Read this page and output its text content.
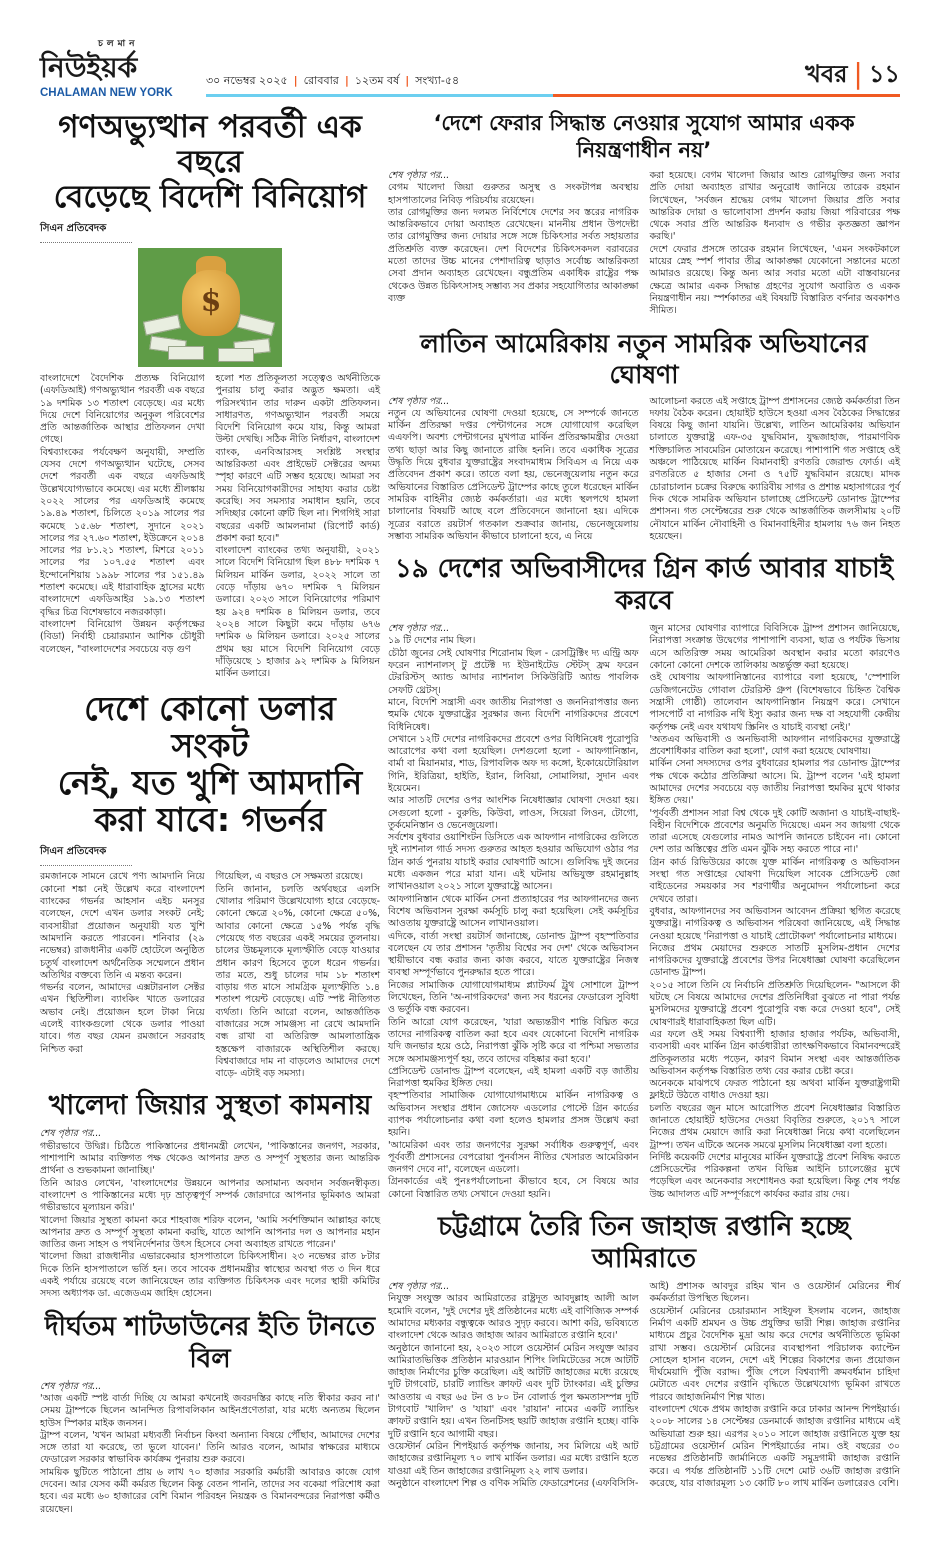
চলমান
নিউইয়র্ক
CHALAMAN NEW YORK
৩০ নভেম্বর ২০২৫ | রোববার | ১২তম বর্ষ | সংখ্যা-৫৪	খবর | ১১
গণঅভ্যুত্থান পরবর্তী এক বছরে
বেড়েছে বিদেশি বিনিয়োগ
সিএন প্রতিবেদক
$

বাংলাদেশে বৈদেশিক প্রত্যক্ষ বিনিয়োগ (এফডিআই) গণঅভ্যুত্থান পরবর্তী এক বছরে ১৯ দশমিক ১৩ শতাংশ বেড়েছে। এর মধ্যে দিয়ে দেশে বিনিয়োগের অনুকূল পরিবেশের প্রতি আন্তর্জাতিক আস্থার প্রতিফলন দেখা গেছে।

বিশ্বব্যাংকের পর্যবেক্ষণ অনুযায়ী, সম্প্রতি যেসব দেশে গণঅভ্যুত্থান ঘটেছে, সেসব দেশে পরবর্তী এক বছরে এফডিআই উল্লেখযোগ্যভাবে কমেছে। এর মধ্যে শ্রীলঙ্কায় ২০২২ সালের পর এফডিআই কমেছে ১৯.৪৯ শতাংশ, চিলিতে ২০১৯ সালের পর কমেছে ১৫.৬৮ শতাংশ, সুদানে ২০২১ সালের পর ২৭.৬০ শতাংশ, ইউক্রেনে ২০১৪ সালের পর ৮১.২১ শতাংশ, মিশরে ২০১১ সালের পর ১০৭.৫৫ শতাংশ এবং ইন্দোনেশিয়ায় ১৯৯৮ সালের পর ১৫১.৪৯ শতাংশ কমেছে। এই ধারাবাহিক হ্রাসের মধ্যে বাংলাদেশে এফডিআইর ১৯.১৩ শতাংশ বৃদ্ধির চিত্র বিশেষভাবে নজরকাড়া।

বাংলাদেশ বিনিয়োগ উন্নয়ন কর্তৃপক্ষের (বিডা) নির্বাহী চেয়ারম্যান আশিক চৌধুরী বলেছেন, "বাংলাদেশের সবচেয়ে বড় গুণ

হলো শত প্রতিকূলতা সত্ত্বেও অর্থনীতিকে পুনরায় চালু করার অদ্ভুত ক্ষমতা। এই পরিসংখ্যান তার দারুন একটা প্রতিফলন। সাধারণত, গণঅভ্যুত্থান পরবর্তী সময়ে বিদেশি বিনিয়োগ কমে যায়, কিন্তু আমরা উল্টা দেখছি। সঠিক নীতি নির্ধারণ, বাংলাদেশ ব্যাংক, এনবিআরসহ সংশ্লিষ্ট সংস্থার আন্তরিকতা এবং প্রাইভেট সেক্টরের অদম্য স্পৃহা কারণে এটি সম্ভব হয়েছে। আমরা সব সময় বিনিয়োগকারীদের সাহায্য করার চেষ্টা করেছি। সব সমস্যার সমাধান হয়নি, তবে সদিচ্ছার কোনো ত্রুটি ছিল না। শিগগিই সারা বছরের একটি আমলনামা (রিপোর্ট কার্ড) প্রকাশ করা হবে।"

বাংলাদেশ ব্যাংকের তথ্য অনুযায়ী, ২০২১ সালে বিদেশি বিনিয়োগ ছিল ৪৮৮ দশমিক ৭ মিলিয়ন মার্কিন ডলার, ২০২২ সালে তা বেড়ে দাঁড়ায় ৬৭০ দশমিক ৭ মিলিয়ন ডলারে। ২০২৩ সালে বিনিয়োগের পরিমাণ হয় ৯২৪ দশমিক ৪ মিলিয়ন ডলার, তবে ২০২৪ সালে কিছুটা কমে দাঁড়ায় ৬৭৬ দশমিক ৬ মিলিয়ন ডলারে। ২০২৫ সালের প্রথম ছয় মাসে বিদেশি বিনিয়োগ বেড়ে দাঁড়িয়েছে ১ হাজার ৯২ দশমিক ৯ মিলিয়ন মার্কিন ডলারে।

দেশে কোনো ডলার সংকট
নেই, যত খুশি আমদানি
করা যাবে: গভর্নর
সিএন প্রতিবেদক

রমজানকে সামনে রেখে পণ্য আমদানি নিয়ে কোনো শঙ্কা নেই উল্লেখ করে বাংলাদেশ ব্যাংকের গভর্নর আহসান এইচ মনসুর বলেছেন, দেশে এখন ডলার সংকট নেই; ব্যবসায়ীরা প্রয়োজন অনুযায়ী যত খুশি আমদানি করতে পারবেন। শনিবার (২৯ নভেম্বর) রাজধানীর একটি হোটেলে অনুষ্ঠিত চতুর্থ বাংলাদেশ অর্থনৈতিক সম্মেলনে প্রধান অতিথির বক্তব্যে তিনি এ মন্তব্য করেন।

গভর্নর বলেন, আমাদের এক্সটারনাল সেক্টর এখন স্থিতিশীল। ব্যাংকিং খাতে ডলারের অভাব নেই। প্রয়োজন হলে টাকা নিয়ে এলেই ব্যাংকগুলো থেকে ডলার পাওয়া যাবে। গত বছর যেমন রমজানে সরবরাহ নিশ্চিত করা

গিয়েছিল, এ বছরও সে সক্ষমতা রয়েছে।

তিনি জানান, চলতি অর্থবছরে এলসি খোলার পরিমাণ উল্লেখযোগ্য হারে বেড়েছে- কোনো ক্ষেত্রে ২০%, কোনো ক্ষেত্রে ৫০%, আবার কোনো ক্ষেত্রে ১৫% পর্যন্ত বৃদ্ধি পেয়েছে গত বছরের একই সময়ের তুলনায়। চালের উচ্চমূল্যকে মূল্যস্ফীতি বেড়ে যাওয়ার প্রধান কারণ হিসেবে তুলে ধরেন গভর্নর। তার মতে, শুধু চালের দাম ১৮ শতাংশ বাড়ায় গত মাসে সামগ্রিক মূল্যস্ফীতি ১.৪ শতাংশ পয়েন্ট বেড়েছে। এটি স্পষ্ট নীতিগত ব্যর্থতা। তিনি আরো বলেন, আন্তর্জাতিক বাজারের সঙ্গে সামঞ্জস্য না রেখে আমদানি বন্ধ রাখা বা অতিরিক্ত আমলাতান্ত্রিক হস্তক্ষেপ বাজারকে অস্থিতিশীল করছে। বিশ্ববাজারে দাম না বাড়লেও আমাদের দেশে বাড়ে- এটাই বড় সমস্যা।

খালেদা জিয়ার সুস্থতা কামনায়
শেষ পৃষ্ঠার পর...

গভীরভাবে উদ্বিগ্ন। চিঠিতে পাকিস্তানের প্রধানমন্ত্রী লেখেন, 'পাকিস্তানের জনগণ, সরকার, পাশাপাশি আমার ব্যক্তিগত পক্ষ থেকেও আপনার দ্রুত ও সম্পূর্ণ সুস্থতার জন্য আন্তরিক প্রার্থনা ও শুভকামনা জানাচ্ছি।'

তিনি আরও লেখেন, 'বাংলাদেশের উন্নয়নে আপনার অসামান্য অবদান সর্বজনস্বীকৃত। বাংলাদেশ ও পাকিস্তানের মধ্যে দৃঢ় ভ্রাতৃত্বপূর্ণ সম্পর্ক জোরদারে আপনার ভূমিকাও আমরা গভীরভাবে মূল্যায়ন করি।'

খালেদা জিয়ার সুস্থতা কামনা করে শাহবাজ শরিফ বলেন, 'আমি সর্বশক্তিমান আল্লাহর কাছে আপনার দ্রুত ও সম্পূর্ণ সুস্থতা কামনা করছি, যাতে আপনি আপনার দল ও আপনার মহান জাতির জন্য সাহস ও পথনির্দেশনার উৎস হিসেবে সেবা অব্যাহত রাখতে পারেন।'

খালেদা জিয়া রাজধানীর এভারকেয়ার হাসপাতালে চিকিৎসাধীন। ২৩ নভেম্বর রাত ৮টার দিকে তিনি হাসপাতালে ভর্তি হন। তবে সাবেক প্রধানমন্ত্রীর স্বাস্থ্যের অবস্থা গত ৩ দিন ধরে একই পর্যায়ে রয়েছে বলে জানিয়েছেন তার ব্যক্তিগত চিকিৎসক এবং দলের স্থায়ী কমিটির সদস্য অধ্যাপক ডা. এজেডএম জাহিদ হোসেন।

দীর্ঘতম শাটডাউনের ইতি টানতে বিল
শেষ পৃষ্ঠার পর...

'আজ একটি স্পষ্ট বার্তা দিচ্ছি যে আমরা কখনোই জবরদস্তির কাছে নতি স্বীকার করব না।' সেময় ট্রাম্পকে ছিলেন আনন্দিত রিপাবলিকান আইনপ্রণেতারা, যার মধ্যে অন্যতম ছিলেন হাউস স্পিকার মাইক জনসন।

ট্রাম্প বলেন, 'যখন আমরা মধ্যবর্তী নির্বাচন কিংবা অন্যান্য বিষয়ে পৌঁছাব, আমাদের দেশের সঙ্গে তারা যা করেছে, তা ভুলে যাবেন।' তিনি আরও বলেন, আমার স্বাক্ষরের মাধ্যমে ফেডারেল সরকার স্বাভাবিক কার্যক্রম পুনরায় শুরু করবে।

সাময়িক ছুটিতে পাঠানো প্রায় ৬ লাখ ৭০ হাজার সরকারি কর্মচারী আবারও কাজে যোগ দেবেন। আর যেসব কর্মী কর্মরত ছিলেন কিন্তু বেতন পাননি, তাদের সব বকেয়া পরিশোধ করা হবে। এর মধ্যে ৬০ হাজারের বেশি বিমান পরিবহন নিয়ন্ত্রক ও বিমানবন্দরের নিরাপত্তা কর্মীও রয়েছেন।

‘দেশে ফেরার সিদ্ধান্ত নেওয়ার সুযোগ আমার একক নিয়ন্ত্রণাধীন নয়’
শেষ পৃষ্ঠার পর...

বেগম খালেদা জিয়া গুরুতর অসুস্থ ও সংকটাপন্ন অবস্থায় হাসপাতালের নিবিড় পরিচর্যায় রয়েছেন।

তার রোগমুক্তির জন্য দলমত নির্বিশেষে দেশের সব স্তরের নাগরিক আন্তরিকভাবে দোয়া অব্যাহত রেখেছেন। মাননীয় প্রধান উপদেষ্টা তার রোগমুক্তির জন্য দোয়ার সঙ্গে সঙ্গে চিকিৎসার সর্বত সহায়তার প্রতিশ্রুতি ব্যক্ত করেছেন। দেশ বিদেশের চিকিৎসকদল বরাবরের মতো তাদের উচ্চ মানের পেশাদারিত্ব ছাড়াও সর্বোচ্চ আন্তরিকতা সেবা প্রদান অব্যাহত রেখেছেন। বন্ধুপ্রতিম একাধিক রাষ্ট্রের পক্ষ থেকেও উন্নত চিকিৎসাসহ সম্ভাব্য সব প্রকার সহযোগিতার আকাঙ্ক্ষা ব্যক্ত

করা হয়েছে। বেগম খালেদা জিয়ার আশু রোগমুক্তির জন্য সবার প্রতি দোয়া অব্যাহত রাখার অনুরোধ জানিয়ে তারেক রহমান লিখেছেন, 'সর্বজন শ্রদ্ধেয় বেগম খালেদা জিয়ার প্রতি সবার আন্তরিক দোয়া ও ভালোবাসা প্রদর্শন করায় জিয়া পরিবারের পক্ষ থেকে সবার প্রতি আন্তরিক ধন্যবাদ ও গভীর কৃতজ্ঞতা জ্ঞাপন করছি।'

দেশে ফেরার প্রসঙ্গে তারেক রহমান লিখেছেন, 'এমন সংকটকালে মায়ের স্নেহ স্পর্শ পাবার তীব্র আকাঙ্ক্ষা যেকোনো সন্তানের মতো আমারও রয়েছে। কিন্তু অন্য আর সবার মতো এটা বাস্তবায়নের ক্ষেত্রে আমার একক সিদ্ধান্ত গ্রহণের সুযোগ অবারিত ও একক নিয়ন্ত্রণাধীন নয়। স্পর্শকাতর এই বিষয়টি বিস্তারিত বর্ণনার অবকাশও সীমিত।

লাতিন আমেরিকায় নতুন সামরিক অভিযানের ঘোষণা
শেষ পৃষ্ঠার পর...

নতুন যে অভিযানের ঘোষণা দেওয়া হয়েছে, সে সম্পর্কে জানতে মার্কিন প্রতিরক্ষা দপ্তর পেন্টাগনের সঙ্গে যোগাযোগ করেছিল এএফপি। অবশ্য পেন্টাগনের মুখপাত্র মার্কিন প্রতিরক্ষামন্ত্রীর দেওয়া তথ্য ছাড়া আর কিছু জানাতে রাজি হননি। তবে একাধিক সূত্রের উদ্ধৃতি দিয়ে বুধবার যুক্তরাষ্ট্রের সংবাদমাধ্যম সিবিএস এ নিয়ে এক প্রতিবেদন প্রকাশ করে। তাতে বলা হয়, ভেনেজুয়েলায় নতুন করে অভিযানের বিস্তারিত প্রেসিডেন্ট ট্রাম্পের কাছে তুলে ধরেছেন মার্কিন সামরিক বাহিনীর জ্যেষ্ঠ কর্মকর্তারা। এর মধ্যে স্থলপথে হামলা চালানোর বিষয়টি আছে বলে প্রতিবেদনে জানানো হয়। এদিকে সূত্রের বরাতে রয়টার্স গতকাল শুক্রবার জানায়, ভেনেজুয়েলায় সম্ভাব্য সামরিক অভিযান কীভাবে চালানো হবে, এ নিয়ে

আলোচনা করতে এই সপ্তাহে ট্রাম্প প্রশাসনের জ্যেষ্ঠ কর্মকর্তারা তিন দফায় বৈঠক করেন। হোয়াইট হাউসে হওয়া এসব বৈঠকের সিদ্ধান্তের বিষয়ে কিছু জানা যায়নি। উল্লেখ্য, লাতিন আমেরিকায় অভিযান চালাতে যুক্তরাষ্ট্র এফ-৩৫ যুদ্ধবিমান, যুদ্ধজাহাজ, পারমাণবিক শক্তিচালিত সাবমেরিন মোতায়েন করেছে। পাশাপাশি গত সপ্তাহে ওই অঞ্চলে পাঠিয়েছে মার্কিন বিমানবাহী রণতরি জেরাল্ড ফোর্ড। এই রণতরিতে ৫ হাজার সেনা ও ৭৫টি যুদ্ধবিমান রয়েছে। মাদক চোরাচালান চক্রের বিরুদ্ধে ক্যারিবীয় সাগর ও প্রশান্ত মহাসাগরের পূর্ব দিক থেকে সামরিক অভিযান চালাচ্ছে প্রেসিডেন্ট ডোনাল্ড ট্রাম্পের প্রশাসন। গত সেপ্টেম্বরের শুরু থেকে আন্তর্জাতিক জলসীমায় ২০টি নৌযানে মার্কিন নৌবাহিনী ও বিমানবাহিনীর হামলায় ৭৬ জন নিহত হয়েছেন।

১৯ দেশের অভিবাসীদের গ্রিন কার্ড আবার যাচাই করবে
শেষ পৃষ্ঠার পর...

১৯ টি দেশের নাম ছিল।

চৌঠা জুনের সেই ঘোষণার শিরোনাম ছিল - রেসট্রিক্টিং দ্য এন্ট্রি অফ ফরেন ন্যাশনালস্ টু প্রটেক্ট দ্য ইউনাইটেড স্টেটস্ ফ্রম ফরেন টেররিস্টস্ অ্যান্ড আদার ন্যাশনাল সিকিউরিটি অ্যান্ড পাবলিক সেফটি থ্রেটস্।

মানে, বিদেশি সন্ত্রাসী এবং জাতীয় নিরাপত্তা ও জননিরাপত্তার জন্য হুমকি থেকে যুক্তরাষ্ট্রের সুরক্ষার জন্য বিদেশি নাগরিকদের প্রবেশে বিধিনিষেধ।

সেখানে ১২টি দেশের নাগরিকদের প্রবেশে ওপর বিধিনিষেধ পুরোপুরি আরোপের কথা বলা হয়েছিল। দেশগুলো হলো - আফগানিস্তান, বার্মা বা মিয়ানমার, শাড, রিপাবলিক অফ দ্য কঙ্গো, ইকোয়েটোরিয়াল গিনি, ইরিত্রিয়া, হাইতি, ইরান, লিবিয়া, সোমালিয়া, সুদান এবং ইয়েমেন।

আর সাতটি দেশের ওপর আংশিক নিষেধাজ্ঞার ঘোষণা দেওয়া হয়। সেগুলো হলো - বুরুন্ডি, কিউবা, লাওস, সিয়েরা লিওন, টোগো, তুর্কমেনিস্তান ও ভেনেজুয়েলা।

সর্বশেষ বুধবার ওয়াশিংটন ডিসিতে এক আফগান নাগরিকের গুলিতে দুই ন্যাশনাল গার্ড সদস্য গুরুতর আহত হওয়ার অভিযোগ ওঠার পর গ্রিন কার্ড পুনরায় যাচাই করার ঘোষণাটি আসে। গুলিবিদ্ধ দুই জনের মধ্যে একজন পরে মারা যান। এই ঘটনায় অভিযুক্ত রহমানুল্লাহ লাখানওয়াল ২০২১ সালে যুক্তরাষ্ট্রে আসেন।

আফগানিস্তান থেকে মার্কিন সেনা প্রত্যাহারের পর আফগানদের জন্য বিশেষ অভিবাসন সুরক্ষা কর্মসূচি চালু করা হয়েছিল। সেই কর্মসূচির আওতায় যুক্তরাষ্ট্রে আসেন লাখানওয়াল।

এদিকে, বার্তা সংস্থা রয়টার্স জানাচ্ছে, ডোনাল্ড ট্রাম্প বৃহস্পতিবার বলেছেন যে তার প্রশাসন 'তৃতীয় বিশ্বের সব দেশ' থেকে অভিবাসন স্থায়ীভাবে বন্ধ করার জন্য কাজ করবে, যাতে যুক্তরাষ্ট্রের নিজস্ব ব্যবস্থা সম্পূর্ণভাবে পুনরুদ্ধার হতে পারে।

নিজের সামাজিক যোগাযোগমাধ্যম প্ল্যাটফর্ম ট্রুথ সোশালে ট্রাম্প লিখেছেন, তিনি 'অ-নাগরিকদের' জন্য সব ধরনের ফেডারেল সুবিধা ও ভর্তুকি বন্ধ করবেন।

তিনি আরো যোগ করেছেন, 'যারা অভ্যন্তরীণ শান্তি বিঘ্নিত করে তাদের নাগরিকত্ব বাতিল করা হবে এবং যেকোনো বিদেশি নাগরিক যদি জনভার হয়ে ওঠে, নিরাপত্তা ঝুঁকি সৃষ্টি করে বা পশ্চিমা সভ্যতার সঙ্গে অসামঞ্জস্যপূর্ণ হয়, তবে তাদের বহিষ্কার করা হবে।'

প্রেসিডেন্ট ডোনাল্ড ট্রাম্প বলেছেন, এই হামলা একটি বড় জাতীয় নিরাপত্তা হুমকির ইঙ্গিত দেয়।

বৃহস্পতিবার সামাজিক যোগাযোগমাধ্যমে মার্কিন নাগরিকত্ব ও অভিবাসন সংস্থার প্রধান জোসেফ এডলোর পোস্টে গ্রিন কার্ডের ব্যাপক পর্যালোচনার কথা বলা হলেও হামলার প্রসঙ্গ উল্লেখ করা হয়নি।

'আমেরিকা এবং তার জনগণের সুরক্ষা সর্বাধিক গুরুত্বপূর্ণ, এবং পূর্ববর্তী প্রশাসনের বেপরোয়া পুনর্বাসন নীতির খেসারত আমেরিকান জনগণ দেবে না', বলেছেন এডলো।

গ্রিনকার্ডের এই পুনঃপর্যালোচনা কীভাবে হবে, সে বিষয়ে আর কোনো বিস্তারিত তথ্য সেখানে দেওয়া হয়নি।

জুন মাসের ঘোষণার ব্যাপারে বিবিসিকে ট্রাম্প প্রশাসন জানিয়েছে, নিরাপত্তা সংক্রান্ত উদ্বেগের পাশাপাশি ব্যবসা, ছাত্র ও পর্যটক ভিসায় এসে অতিরিক্ত সময় আমেরিকা অবস্থান করার মতো কারণেও কোনো কোনো দেশকে তালিকায় অন্তর্ভুক্ত করা হয়েছে।

ওই ঘোষণায় আফগানিস্তানের ব্যাপারে বলা হয়েছে, 'স্পেশালি ডেজিগনেটেড গোবাল টেররিস্ট গ্রুপ (বিশেষভাবে চিহ্নিত বৈশ্বিক সন্ত্রাসী গোষ্ঠী) তালেবান আফগানিস্তান নিয়ন্ত্রণ করে। সেখানে পাসপোর্ট বা নাগরিক নথি ইস্যু করার জন্য দক্ষ বা সহযোগী কেন্দ্রীয় কর্তৃপক্ষ নেই এবং যথাযথ স্ক্রিনিং ও যাচাই ব্যবস্থা নেই।'

'অতএব অভিবাসী ও অনভিবাসী আফগান নাগরিকদের যুক্তরাষ্ট্রে প্রবেশাধিকার বাতিল করা হলো', যোগ করা হয়েছে ঘোষণায়।

মার্কিন সেনা সদস্যদের ওপর বুধবারের হামলার পর ডোনাল্ড ট্রাম্পের পক্ষ থেকে কঠোর প্রতিক্রিয়া আসে। মি. ট্রাম্প বলেন 'এই হামলা আমাদের দেশের সবচেয়ে বড় জাতীয় নিরাপত্তা হুমকির মুখে থাকার ইঙ্গিত দেয়।'

'পূর্ববর্তী প্রশাসন সারা বিশ্ব থেকে দুই কোটি অজানা ও যাচাই-বাছাই-বিহীন বিদেশিকে প্রবেশের অনুমতি দিয়েছে। এমন সব জায়গা থেকে তারা এসেছে যেগুলোর নামও আপনি জানতে চাইবেন না। কোনো দেশ তার অস্তিত্বের প্রতি এমন ঝুঁকি সহ্য করতে পারে না।'

গ্রিন কার্ড রিভিউয়ের কাজে যুক্ত মার্কিন নাগরিকত্ব ও অভিবাসন সংস্থা গত সপ্তাহের ঘোষণা দিয়েছিল সাবেক প্রেসিডেন্ট জো বাইডেনের সময়কার সব শরণার্থীর অনুমোদন পর্যালোচনা করে দেখবে তারা।

বুধবার, আফগানদের সব অভিবাসন আবেদন প্রক্রিয়া স্থগিত করেছে যুক্তরাষ্ট্র। নাগরিকত্ব ও অভিবাসন পরিষেবা জানিয়েছে, এই সিদ্ধান্ত নেওয়া হয়েছে 'নিরাপত্তা ও যাচাই প্রোটোকল' পর্যালোচনার মাধ্যমে।

নিজের প্রথম মেয়াদের শুরুতে সাতটি মুসলিম-প্রধান দেশের নাগরিকদের যুক্তরাষ্ট্রে প্রবেশের উপর নিষেধাজ্ঞা ঘোষণা করেছিলেন ডোনাল্ড ট্রাম্প।

২০১৫ সালে তিনি যে নির্বাচনি প্রতিশ্রুতি দিয়েছিলেন- "আসলে কী ঘটছে সে বিষয়ে আমাদের দেশের প্রতিনিধিরা বুঝতে না পারা পর্যন্ত মুসলিমদের যুক্তরাষ্ট্রে প্রবেশ পুরোপুরি বন্ধ করে দেওয়া হবে", সেই ঘোষণারই ধারাবাহিকতা ছিল এটি।

এর ফলে ওই সময় বিশ্বব্যাপী হাজার হাজার পর্যটক, অভিবাসী, ব্যবসায়ী এবং মার্কিন গ্রিন কার্ডধারীরা তাৎক্ষণিকভাবে বিমানবন্দরেই প্রতিকূলতার মধ্যে পড়েন, কারণ বিমান সংস্থা এবং আন্তর্জাতিক অভিবাসন কর্তৃপক্ষ বিস্তারিত তথ্য বের করার চেষ্টা করে।

অনেককে মাঝপথে ফেরত পাঠানো হয় অথবা মার্কিন যুক্তরাষ্ট্রগামী ফ্লাইটে উঠতে বাধাও দেওয়া হয়।

চলতি বছরের জুন মাসে আরোপিত প্রবেশ নিষেধাজ্ঞার বিস্তারিত জানাতে হোয়াইট হাউসের দেওয়া বিবৃতির শুরুতে, ২০১৭ সালে নিজের প্রথম মেয়াদে জারি করা নিষেধাজ্ঞা নিয়ে কথা বলেছিলেন ট্রাম্প। তখন এটিকে অনেক সমঝে মুসলিম নিষেধাজ্ঞা বলা হতো।

নির্দিষ্ট কয়েকটি দেশের মানুষের মার্কিন যুক্তরাষ্ট্রে প্রবেশ নিষিদ্ধ করতে প্রেসিডেন্টের পরিকল্পনা তখন বিভিন্ন আইনি চ্যালেঞ্জের মুখে পড়েছিল এবং অনেকবার সংশোধনও করা হয়েছিল। কিন্তু শেষ পর্যন্ত উচ্চ আদালত এটি সম্পূর্ণরূপে কার্যকর করার রায় দেয়।

চট্টগ্রামে তৈরি তিন জাহাজ রপ্তানি হচ্ছে আমিরাতে
শেষ পৃষ্ঠার পর...

নিযুক্ত সংযুক্ত আরব আমিরাতের রাষ্ট্রদূত আবদুল্লাহ আলী আল হমোদি বলেন, 'দুই দেশের দুই প্রতিষ্ঠানের মধ্যে এই বাণিজ্যিক সম্পর্ক আমাদের মধ্যকার বন্ধুত্বকে আরও সুদৃঢ় করবে। আশা করি, ভবিষ্যতে বাংলাদেশ থেকে আরও জাহাজ আরব আমিরাতে রপ্তানি হবে।'

অনুষ্ঠানে জানানো হয়, ২০২৩ সালে ওয়েস্টার্ন মেরিন সংযুক্ত আরব আমিরাতভিত্তিক প্রতিষ্ঠান মারওয়ান শিপিং লিমিটেডের সঙ্গে আটটি জাহাজ নির্মাণের চুক্তি করেছিল। এই আটটি জাহাজের মধ্যে রয়েছে দুটি টাগবোট, চারটি ল্যান্ডিং ক্রাফট এবং দুটি ট্যাংকার। এই চুক্তির আওতায় এ বছর ৬৫ টন ও ৮০ টন বোলার্ড পুল ক্ষমতাসম্পন্ন দুটি টাগবোট 'খালিদ' ও 'যায়া' এবং 'রায়ান' নামের একটি ল্যান্ডিং ক্রাফট রপ্তানি হয়। এখন তিনটিসহ ছয়টি জাহাজ রপ্তানি হচ্ছে। বাকি দুটি রপ্তানি হবে আগামী বছর।

ওয়েস্টার্ন মেরিন শিপইয়ার্ড কর্তৃপক্ষ জানায়, সব মিলিয়ে এই আট জাহাজের রপ্তানিমূল্য ৭০ লাখ মার্কিন ডলার। এর মধ্যে রপ্তানি হতে যাওয়া এই তিন জাহাজের রপ্তানিমূল্য ২২ লাখ ডলার।

অনুষ্ঠানে বাংলাদেশ শিল্প ও বণিক সমিতি ফেডারেশনের (এফবিসিসি-

আই) প্রশাসক আবদুর রহিম খান ও ওয়েস্টার্ন মেরিনের শীর্ষ কর্মকর্তারা উপস্থিত ছিলেন।

ওয়েস্টার্ন মেরিনের চেয়ারম্যান সাইফুল ইসলাম বলেন, জাহাজ নির্মাণ একটি শ্রমঘন ও উচ্চ প্রযুক্তির ভারী শিল্প। জাহাজ রপ্তানির মাধ্যমে প্রচুর বৈদেশিক মুদ্রা আয় করে দেশের অর্থনীতিতে ভূমিকা রাখা সম্ভব। ওয়েস্টার্ন মেরিনের ব্যবস্থাপনা পরিচালক ক্যাপ্টেন সোহেল হাসান বলেন, দেশে এই শিল্পের বিকাশের জন্য প্রয়োজন দীর্ঘমেয়াদি পুঁজি বরাদ্দ। পুঁজি পেলে বিশ্বব্যাপী ক্রমবর্ধমান চাহিদা মেটাতে এবং দেশের রপ্তানি বৃদ্ধিতে উল্লেখযোগ্য ভূমিকা রাখতে পারবে জাহাজনির্মাণ শিল্প খাত।

বাংলাদেশ থেকে প্রথম জাহাজ রপ্তানি করে ঢাকার আনন্দ শিপইয়ার্ড। ২০০৮ সালের ১৪ সেপ্টেম্বর ডেনমার্কে জাহাজ রপ্তানির মাধ্যমে এই অভিযাত্রা শুরু হয়। এরপর ২০১০ সালে জাহাজ রপ্তানিতে যুক্ত হয় চট্টগ্রামের ওয়েস্টার্ন মেরিন শিপইয়ার্ডের নাম। ওই বছরের ৩০ নভেম্বর প্রতিষ্ঠানটি জার্মানিতে একটি সমুদ্রগামী জাহাজ রপ্তানি করে। এ পর্যন্ত প্রতিষ্ঠানটি ১১টি দেশে মোট ৩৬টি জাহাজ রপ্তানি করেছে, যার বাজারমূল্য ১৩ কোটি ৮০ লাখ মার্কিন ডলারেরও বেশি।
